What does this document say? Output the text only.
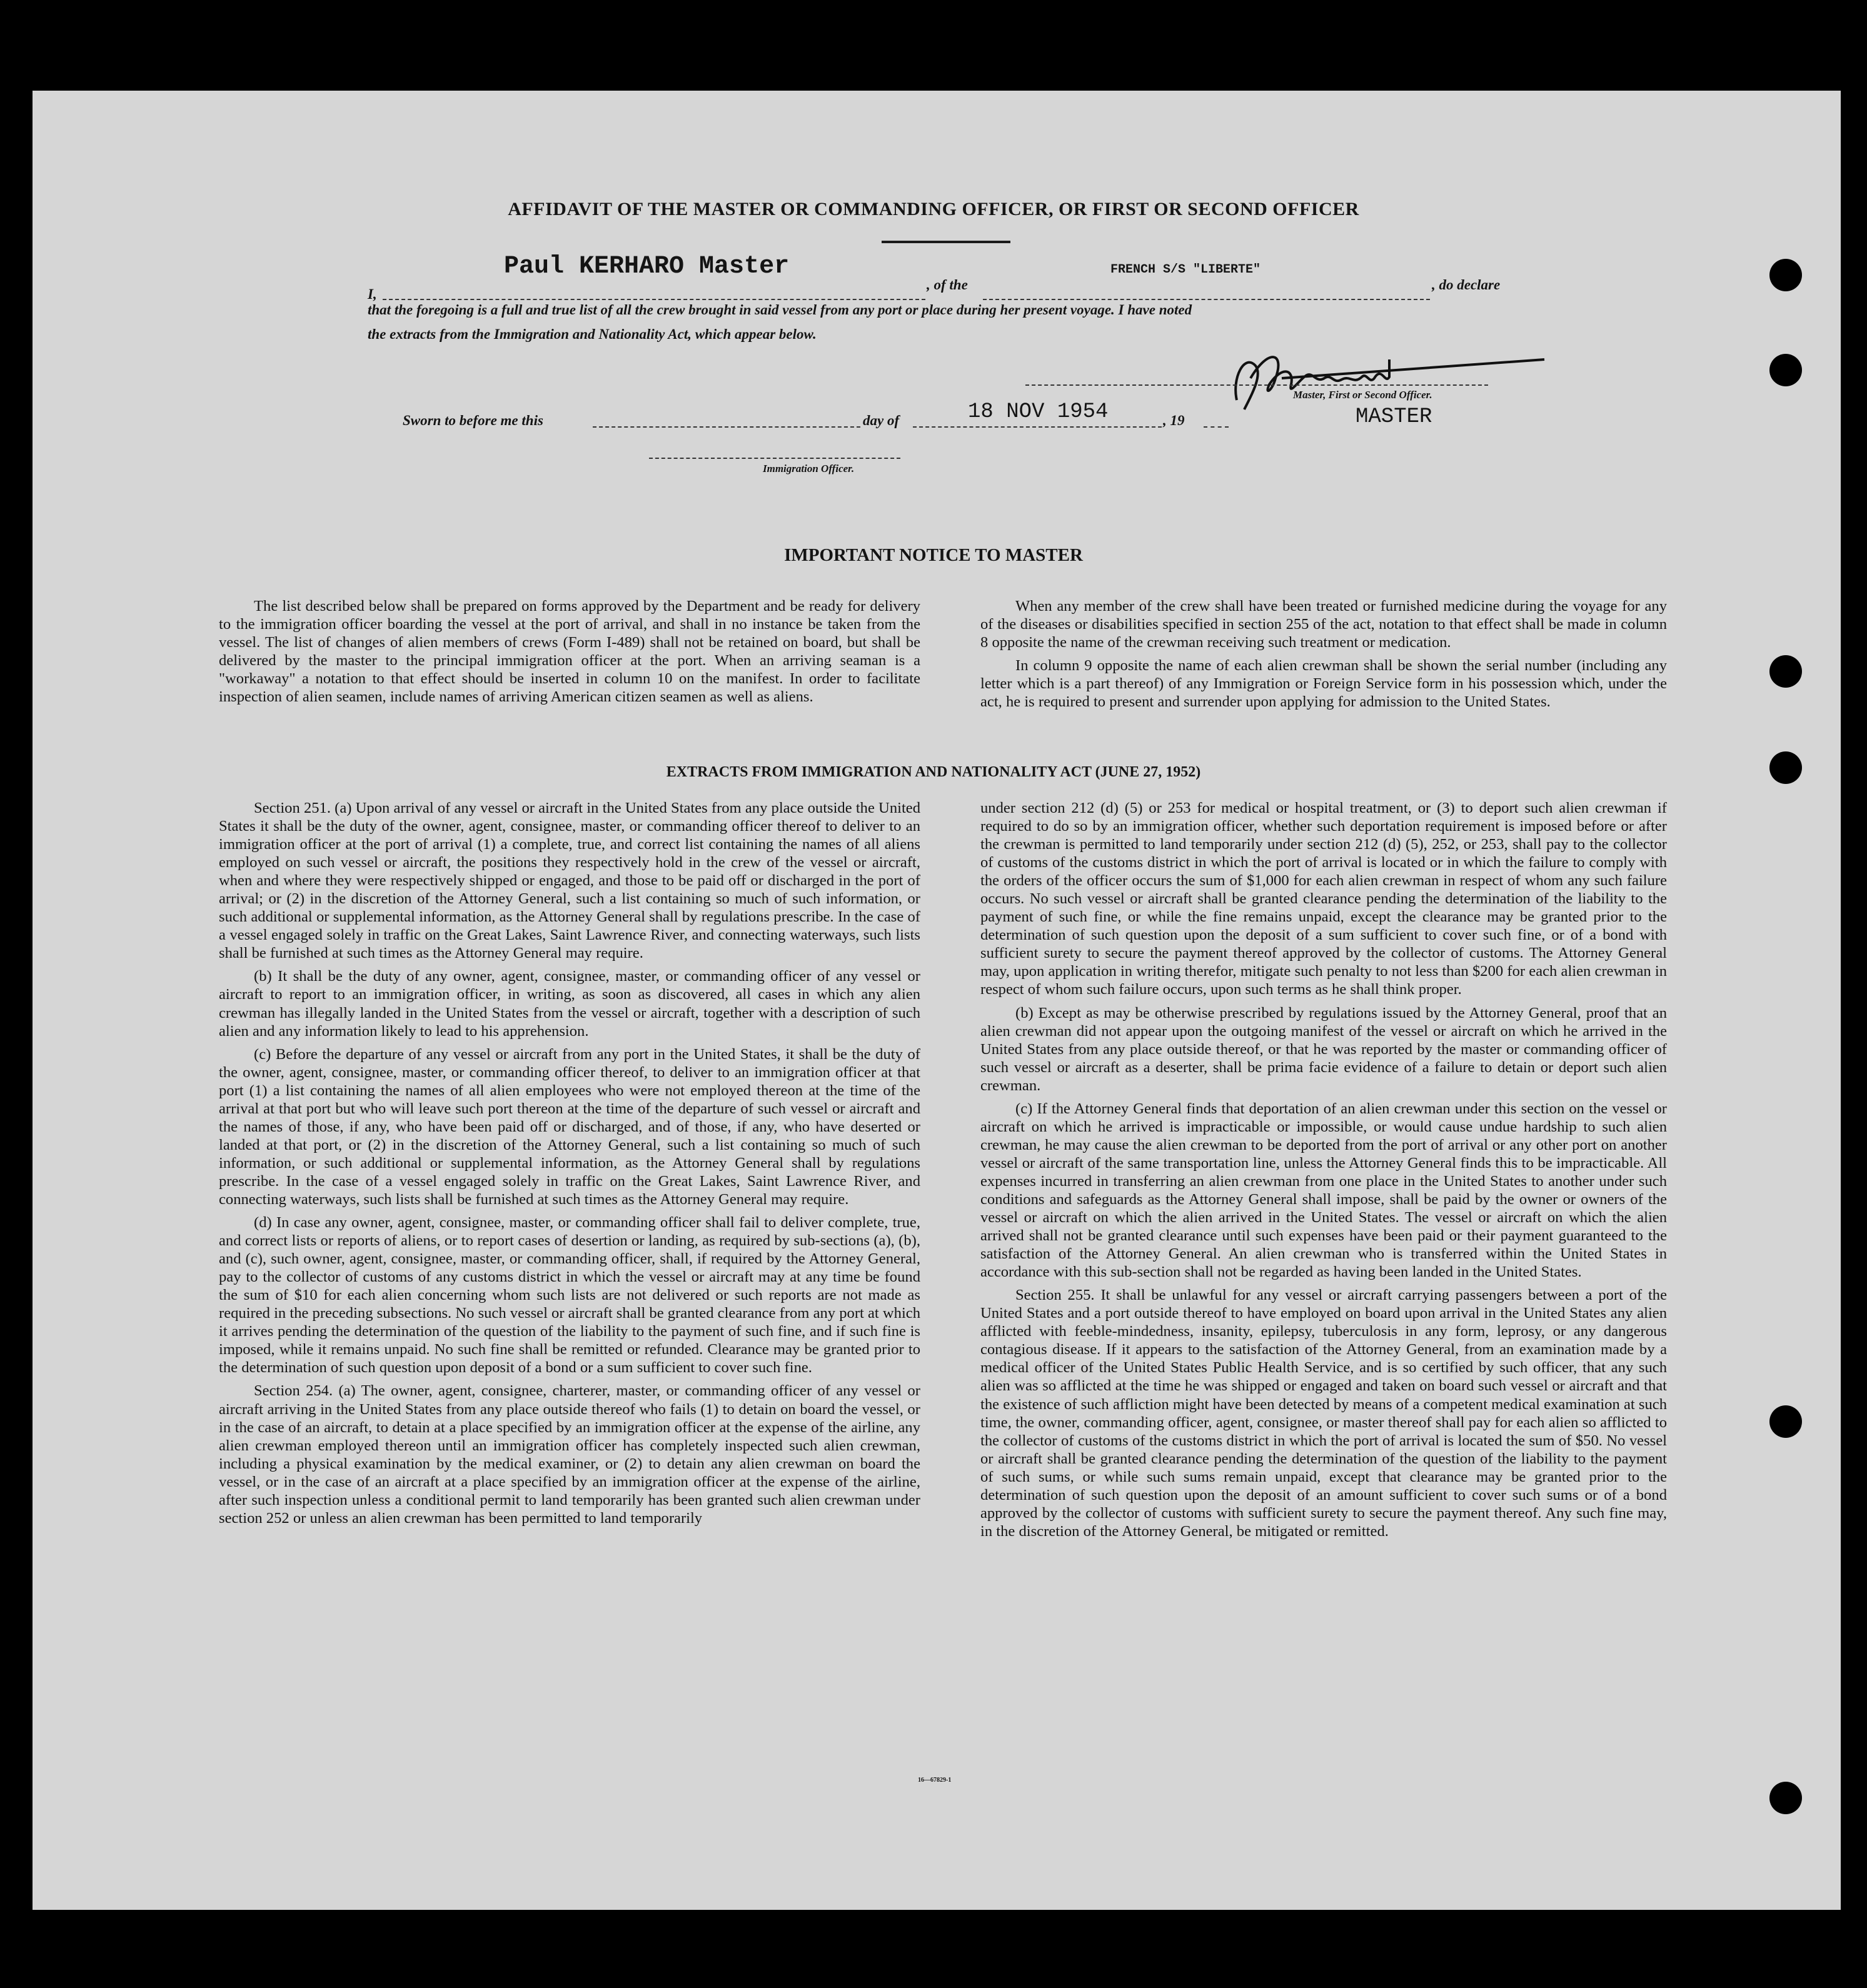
AFFIDAVIT OF THE MASTER OR COMMANDING OFFICER, OR FIRST OR SECOND OFFICER
I,
Paul KERHARO Master
, of the
FRENCH S/S "LIBERTE"
, do declare
that the foregoing is a full and true list of all the crew brought in said vessel from any port or place during her present voyage. I have noted
the extracts from the Immigration and Nationality Act, which appear below.
Master, First or Second Officer.
Sworn to before me this	day of	18 NOV 1954	, 19	MASTER
Immigration Officer.
IMPORTANT NOTICE TO MASTER

The list described below shall be prepared on forms approved by the Department and be ready for delivery to the immigration officer boarding the vessel at the port of arrival, and shall in no instance be taken from the vessel. The list of changes of alien members of crews (Form I-489) shall not be retained on board, but shall be delivered by the master to the principal immigration officer at the port. When an arriving seaman is a "workaway" a notation to that effect should be inserted in column 10 on the manifest. In order to facilitate inspection of alien seamen, include names of arriving American citizen seamen as well as aliens.

When any member of the crew shall have been treated or furnished medicine during the voyage for any of the diseases or disabilities specified in section 255 of the act, notation to that effect shall be made in column 8 opposite the name of the crewman receiving such treatment or medication.

In column 9 opposite the name of each alien crewman shall be shown the serial number (including any letter which is a part thereof) of any Immigration or Foreign Service form in his possession which, under the act, he is required to present and surrender upon applying for admission to the United States.

EXTRACTS FROM IMMIGRATION AND NATIONALITY ACT (JUNE 27, 1952)

Section 251. (a) Upon arrival of any vessel or aircraft in the United States from any place outside the United States it shall be the duty of the owner, agent, consignee, master, or commanding officer thereof to deliver to an immigration officer at the port of arrival (1) a complete, true, and correct list containing the names of all aliens employed on such vessel or aircraft, the positions they respectively hold in the crew of the vessel or aircraft, when and where they were respectively shipped or engaged, and those to be paid off or discharged in the port of arrival; or (2) in the discretion of the Attorney General, such a list containing so much of such information, or such additional or supplemental information, as the Attorney General shall by regulations prescribe. In the case of a vessel engaged solely in traffic on the Great Lakes, Saint Lawrence River, and connecting waterways, such lists shall be furnished at such times as the Attorney General may require.

(b) It shall be the duty of any owner, agent, consignee, master, or commanding officer of any vessel or aircraft to report to an immigration officer, in writing, as soon as discovered, all cases in which any alien crewman has illegally landed in the United States from the vessel or aircraft, together with a description of such alien and any information likely to lead to his apprehension.

(c) Before the departure of any vessel or aircraft from any port in the United States, it shall be the duty of the owner, agent, consignee, master, or commanding officer thereof, to deliver to an immigration officer at that port (1) a list containing the names of all alien employees who were not employed thereon at the time of the arrival at that port but who will leave such port thereon at the time of the departure of such vessel or aircraft and the names of those, if any, who have been paid off or discharged, and of those, if any, who have deserted or landed at that port, or (2) in the discretion of the Attorney General, such a list containing so much of such information, or such additional or supplemental information, as the Attorney General shall by regulations prescribe. In the case of a vessel engaged solely in traffic on the Great Lakes, Saint Lawrence River, and connecting waterways, such lists shall be furnished at such times as the Attorney General may require.

(d) In case any owner, agent, consignee, master, or commanding officer shall fail to deliver complete, true, and correct lists or reports of aliens, or to report cases of desertion or landing, as required by sub-sections (a), (b), and (c), such owner, agent, consignee, master, or commanding officer, shall, if required by the Attorney General, pay to the collector of customs of any customs district in which the vessel or aircraft may at any time be found the sum of $10 for each alien concerning whom such lists are not delivered or such reports are not made as required in the preceding subsections. No such vessel or aircraft shall be granted clearance from any port at which it arrives pending the determination of the question of the liability to the payment of such fine, and if such fine is imposed, while it remains unpaid. No such fine shall be remitted or refunded. Clearance may be granted prior to the determination of such question upon deposit of a bond or a sum sufficient to cover such fine.

Section 254. (a) The owner, agent, consignee, charterer, master, or commanding officer of any vessel or aircraft arriving in the United States from any place outside thereof who fails (1) to detain on board the vessel, or in the case of an aircraft, to detain at a place specified by an immigration officer at the expense of the airline, any alien crewman employed thereon until an immigration officer has completely inspected such alien crewman, including a physical examination by the medical examiner, or (2) to detain any alien crewman on board the vessel, or in the case of an aircraft at a place specified by an immigration officer at the expense of the airline, after such inspection unless a conditional permit to land temporarily has been granted such alien crewman under section 252 or unless an alien crewman has been permitted to land temporarily

under section 212 (d) (5) or 253 for medical or hospital treatment, or (3) to deport such alien crewman if required to do so by an immigration officer, whether such deportation requirement is imposed before or after the crewman is permitted to land temporarily under section 212 (d) (5), 252, or 253, shall pay to the collector of customs of the customs district in which the port of arrival is located or in which the failure to comply with the orders of the officer occurs the sum of $1,000 for each alien crewman in respect of whom any such failure occurs. No such vessel or aircraft shall be granted clearance pending the determination of the liability to the payment of such fine, or while the fine remains unpaid, except the clearance may be granted prior to the determination of such question upon the deposit of a sum sufficient to cover such fine, or of a bond with sufficient surety to secure the payment thereof approved by the collector of customs. The Attorney General may, upon application in writing therefor, mitigate such penalty to not less than $200 for each alien crewman in respect of whom such failure occurs, upon such terms as he shall think proper.

(b) Except as may be otherwise prescribed by regulations issued by the Attorney General, proof that an alien crewman did not appear upon the outgoing manifest of the vessel or aircraft on which he arrived in the United States from any place outside thereof, or that he was reported by the master or commanding officer of such vessel or aircraft as a deserter, shall be prima facie evidence of a failure to detain or deport such alien crewman.

(c) If the Attorney General finds that deportation of an alien crewman under this section on the vessel or aircraft on which he arrived is impracticable or impossible, or would cause undue hardship to such alien crewman, he may cause the alien crewman to be deported from the port of arrival or any other port on another vessel or aircraft of the same transportation line, unless the Attorney General finds this to be impracticable. All expenses incurred in transferring an alien crewman from one place in the United States to another under such conditions and safeguards as the Attorney General shall impose, shall be paid by the owner or owners of the vessel or aircraft on which the alien arrived in the United States. The vessel or aircraft on which the alien arrived shall not be granted clearance until such expenses have been paid or their payment guaranteed to the satisfaction of the Attorney General. An alien crewman who is transferred within the United States in accordance with this sub-section shall not be regarded as having been landed in the United States.

Section 255. It shall be unlawful for any vessel or aircraft carrying passengers between a port of the United States and a port outside thereof to have employed on board upon arrival in the United States any alien afflicted with feeble-mindedness, insanity, epilepsy, tuberculosis in any form, leprosy, or any dangerous contagious disease. If it appears to the satisfaction of the Attorney General, from an examination made by a medical officer of the United States Public Health Service, and is so certified by such officer, that any such alien was so afflicted at the time he was shipped or engaged and taken on board such vessel or aircraft and that the existence of such affliction might have been detected by means of a competent medical examination at such time, the owner, commanding officer, agent, consignee, or master thereof shall pay for each alien so afflicted to the collector of customs of the customs district in which the port of arrival is located the sum of $50. No vessel or aircraft shall be granted clearance pending the determination of the question of the liability to the payment of such sums, or while such sums remain unpaid, except that clearance may be granted prior to the determination of such question upon the deposit of an amount sufficient to cover such sums or of a bond approved by the collector of customs with sufficient surety to secure the payment thereof. Any such fine may, in the discretion of the Attorney General, be mitigated or remitted.

16—67829-1
